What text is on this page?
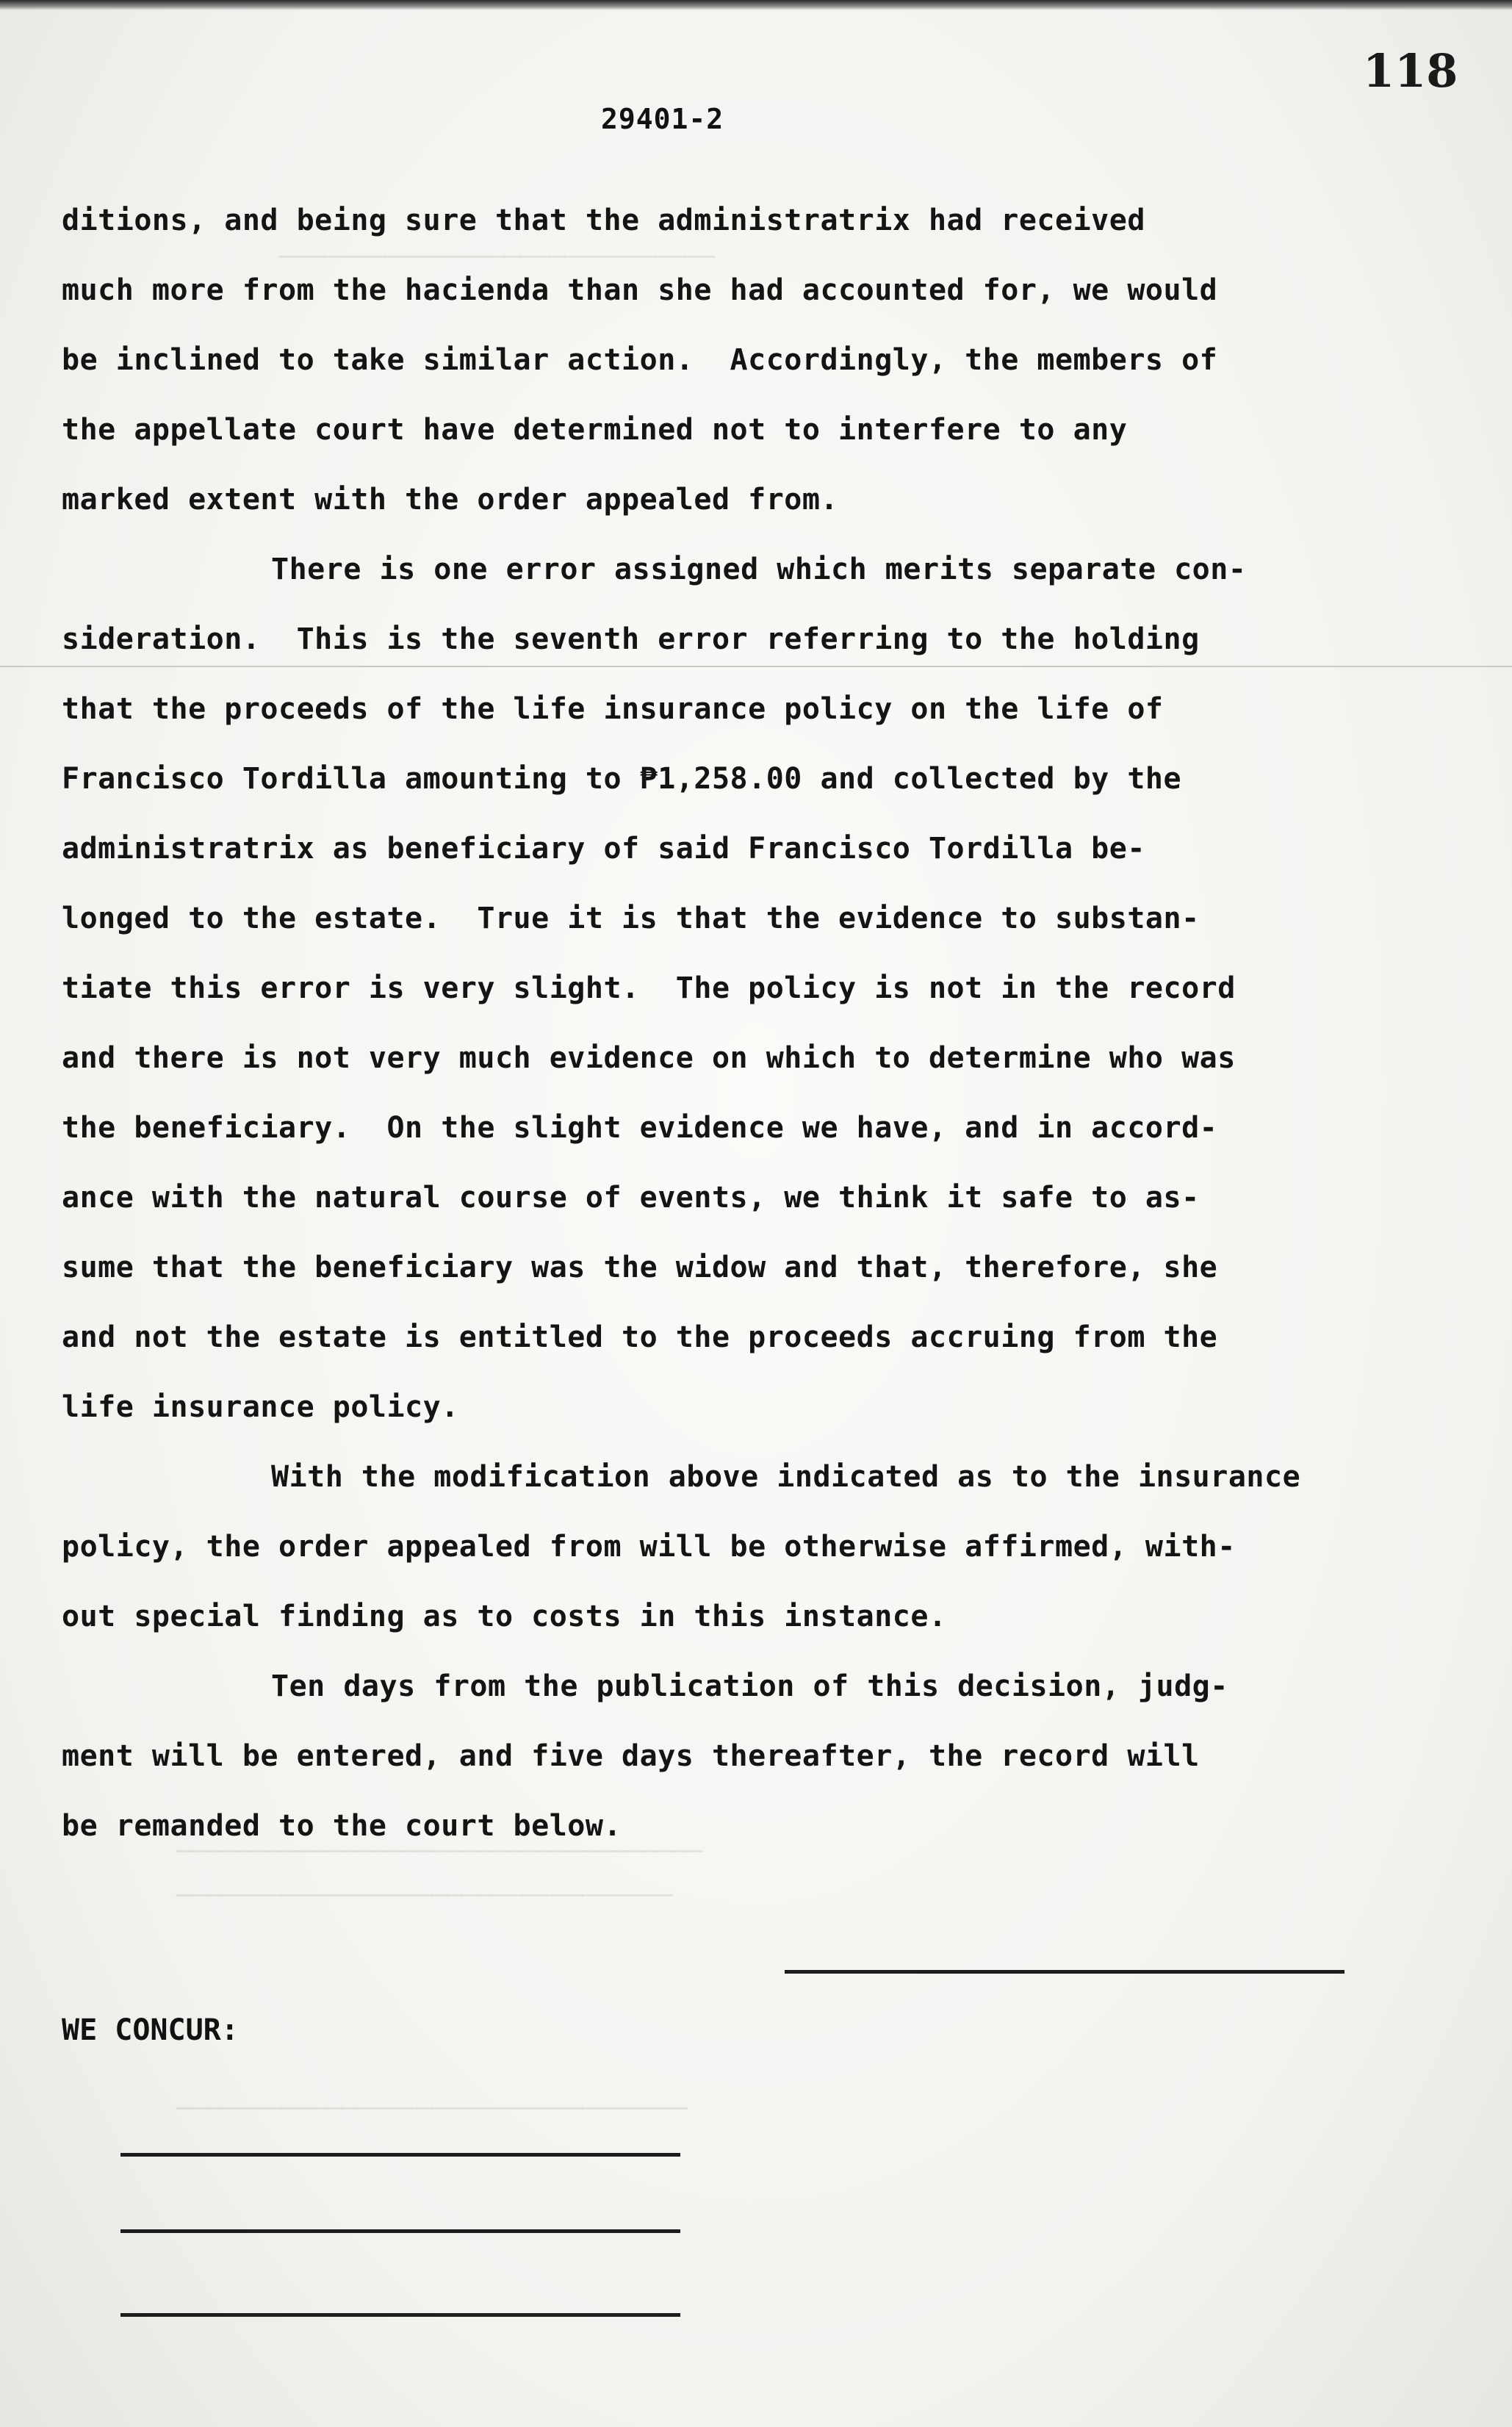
─────────────────────────────
───────────────────────────────────
─────────────────────────────────
──────────────────────────────────
118
29401-2
ditions, and being sure that the administratrix had received
much more from the hacienda than she had accounted for, we would
be inclined to take similar action.  Accordingly, the members of
the appellate court have determined not to interfere to any
marked extent with the order appealed from.
There is one error assigned which merits separate con-
sideration.  This is the seventh error referring to the holding
that the proceeds of the life insurance policy on the life of
Francisco Tordilla amounting to ₱1,258.00 and collected by the
administratrix as beneficiary of said Francisco Tordilla be-
longed to the estate.  True it is that the evidence to substan-
tiate this error is very slight.  The policy is not in the record
and there is not very much evidence on which to determine who was
the beneficiary.  On the slight evidence we have, and in accord-
ance with the natural course of events, we think it safe to as-
sume that the beneficiary was the widow and that, therefore, she
and not the estate is entitled to the proceeds accruing from the
life insurance policy.
With the modification above indicated as to the insurance
policy, the order appealed from will be otherwise affirmed, with-
out special finding as to costs in this instance.
Ten days from the publication of this decision, judg-
ment will be entered, and five days thereafter, the record will
be remanded to the court below.
WE CONCUR:
